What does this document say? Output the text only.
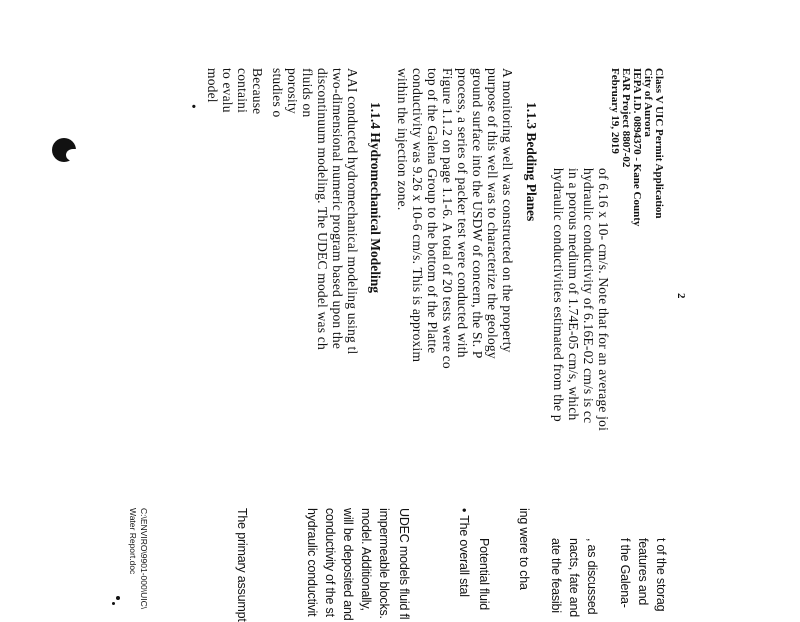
Class V UIC Permit Application
City of Aurora
IEPA I.D. 0894370 - Kane County
EAR Project 8807-02
February 19, 2019
2
of 6.16 x 10- cm/s. Note that for an average joi
hydraulic conductivity of 6.16E-02 cm/s is cc
in a porous medium of 1.74E-05 cm/s, which
hydraulic conductivities estimated from the p
1.1.3 Bedding Planes
A monitoring well was constructed on the property
purpose of this well was to characterize the geology
ground surface into the USDW of concern, the St. P
process, a series of packer test were conducted with
Figure 1.1.2 on page 1.1-6. A total of 20 tests were co
top of the Galena Group to the bottom of the Platte
conductivity was 9.26 x 10-6 cm/s. This is approxim
within the injection zone.
1.1.4 Hydromechanical Modeling
AAI conducted hydromechanical modeling using tl
two-dimensional numeric program based upon the
discontinuum modeling. The UDEC model was ch
fluids on
porosity
studies o
Because
containi
to evalu
model
•
t of the storag
features and
f the Galena-
, as discussed
nacts, fate and
ate the feasibi
ing were to cha
Potential fluid
• The overall stal
UDEC models fluid fl
impermeable blocks.
model. Additionally,
will be deposited and
conductivity of the st
hydraulic conductivit
The primary assumpt
C:\ENVIRO\9901-000\UIC\
Water Report.doc
